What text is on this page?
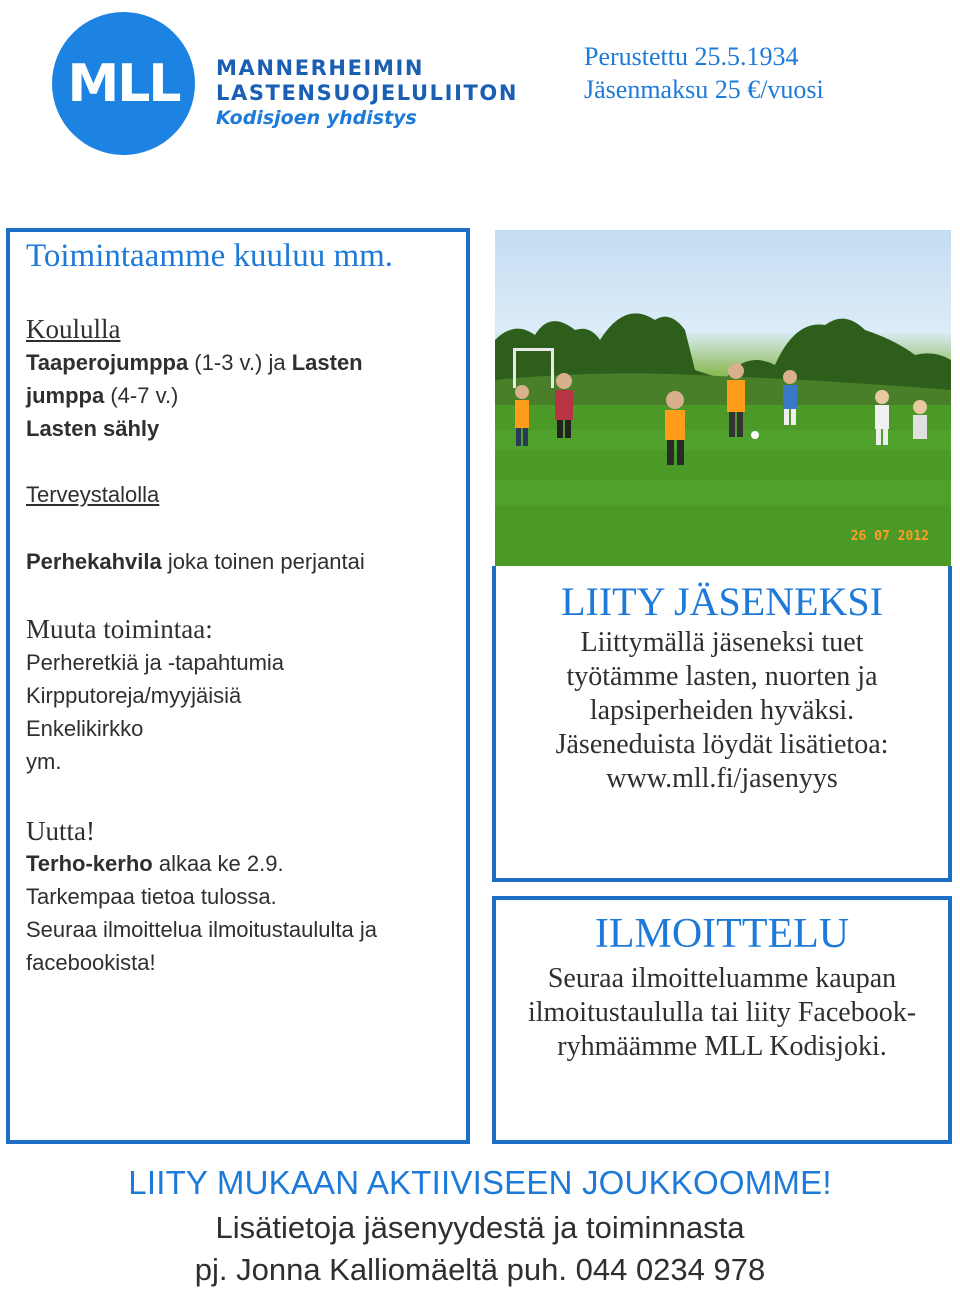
MLL MANNERHEIMIN
LASTENSUOJELULIITON
Kodisjoen yhdistys
Perustettu 25.5.1934
Jäsenmaksu 25 €/vuosi
Toimintaamme kuuluu mm.
Koululla
Taaperojumppa (1-3 v.) ja Lasten
jumppa (4-7 v.)
Lasten sähly
Terveystalolla
Perhekahvila joka toinen perjantai
Muuta toimintaa:
Perheretkiä ja -tapahtumia
Kirpputoreja/myyjäisiä
Enkelikirkko
ym.
Uutta!
Terho-kerho alkaa ke 2.9.
Tarkempaa tietoa tulossa.
Seuraa ilmoittelua ilmoitustaululta ja
facebookista!
26 07 2012
LIITY JÄSENEKSI
Liittymällä jäseneksi tuet
työtämme lasten, nuorten ja
lapsiperheiden hyväksi.
Jäseneduista löydät lisätietoa:
www.mll.fi/jasenyys
ILMOITTELU
Seuraa ilmoitteluamme kaupan
ilmoitustaululla tai liity Facebook-
ryhmäämme MLL Kodisjoki.
LIITY MUKAAN AKTIIVISEEN JOUKKOOMME!
Lisätietoja jäsenyydestä ja toiminnasta
pj. Jonna Kalliomäeltä puh. 044 0234 978
